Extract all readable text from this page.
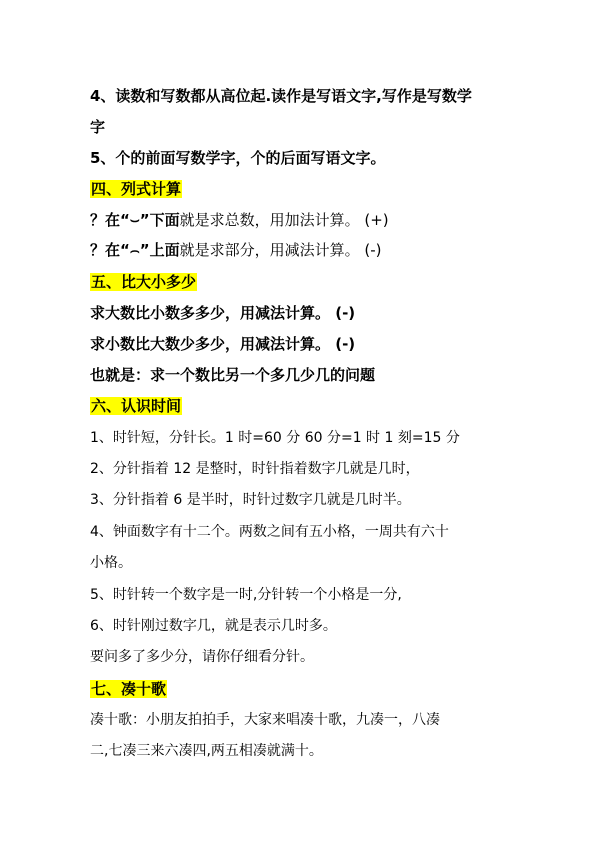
4、读数和写数都从高位起.读作是写语文字,写作是写数学
字
5、个的前面写数学字，个的后面写语文字。
四、列式计算
？在“⌣”下面就是求总数，用加法计算。 (+)
？在“⌢”上面就是求部分，用减法计算。 (-)
五、比大小多少
求大数比小数多多少，用减法计算。 (-)
求小数比大数少多少，用减法计算。 (-)
也就是：求一个数比另一个多几少几的问题
六、认识时间
1、时针短，分针长。1 时=60 分 60 分=1 时 1 刻=15 分
2、分针指着 12 是整时，时针指着数字几就是几时，
3、分针指着 6 是半时，时针过数字几就是几时半。
4、钟面数字有十二个。两数之间有五小格，一周共有六十
小格。
5、时针转一个数字是一时,分针转一个小格是一分,
6、时针刚过数字几，就是表示几时多。
要问多了多少分，请你仔细看分针。
七、凑十歌
凑十歌：小朋友拍拍手，大家来唱凑十歌，九凑一，八凑
二,七凑三来六凑四,两五相凑就满十。
